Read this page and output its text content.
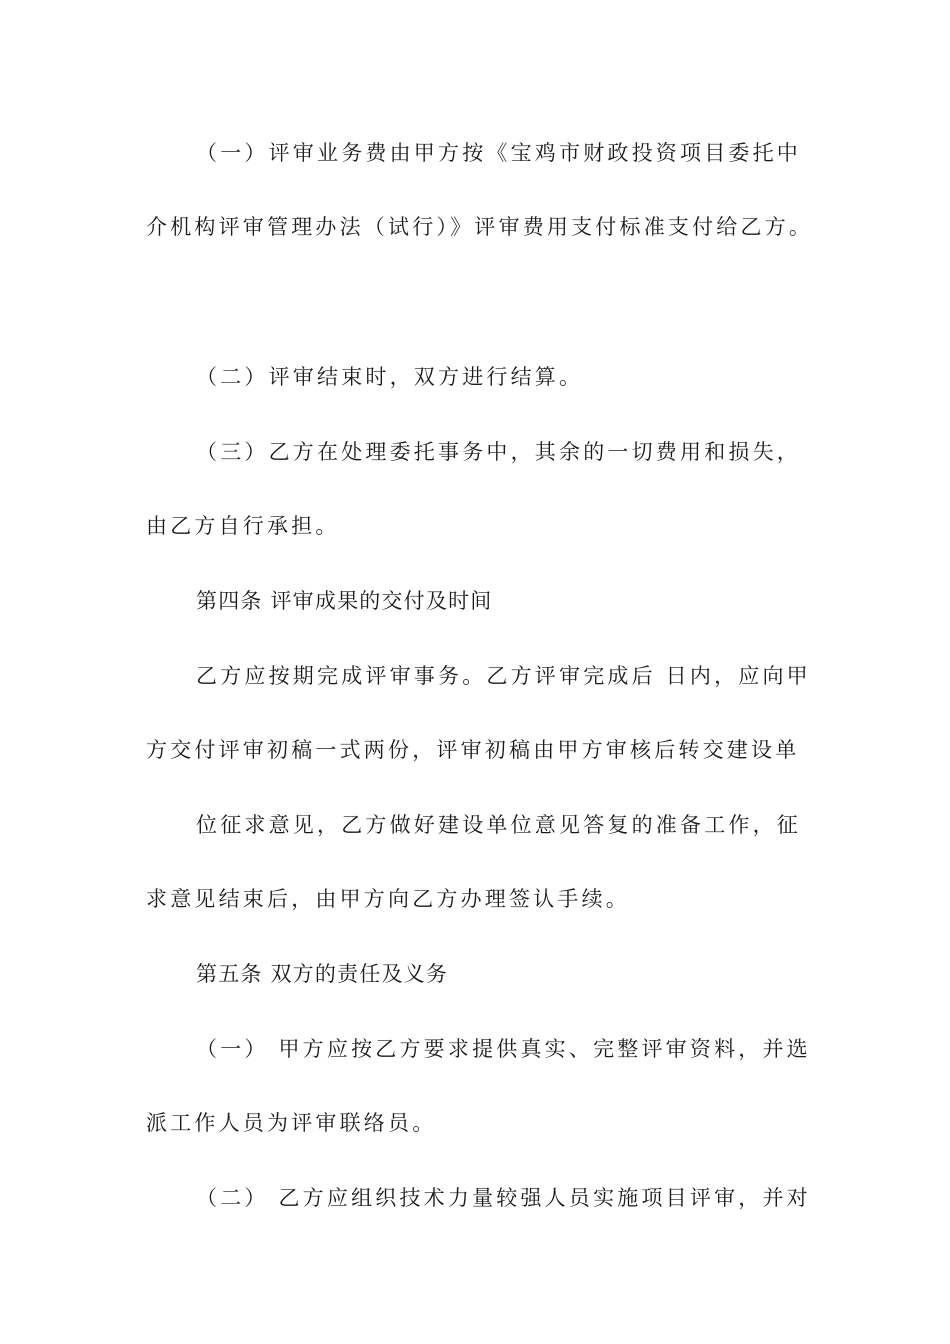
（一）评审业务费由甲方按《宝鸡市财政投资项目委托中
介机构评审管理办法（试行）》评审费用支付标准支付给乙方。
（二）评审结束时，双方进行结算。
（三）乙方在处理委托事务中，其余的一切费用和损失，
由乙方自行承担。
第四条 评审成果的交付及时间
乙方应按期完成评审事务。乙方评审完成后 日内，应向甲
方交付评审初稿一式两份，评审初稿由甲方审核后转交建设单
位征求意见，乙方做好建设单位意见答复的准备工作，征
求意见结束后，由甲方向乙方办理签认手续。
第五条 双方的责任及义务
（一） 甲方应按乙方要求提供真实、完整评审资料，并选
派工作人员为评审联络员。
（二） 乙方应组织技术力量较强人员实施项目评审，并对
